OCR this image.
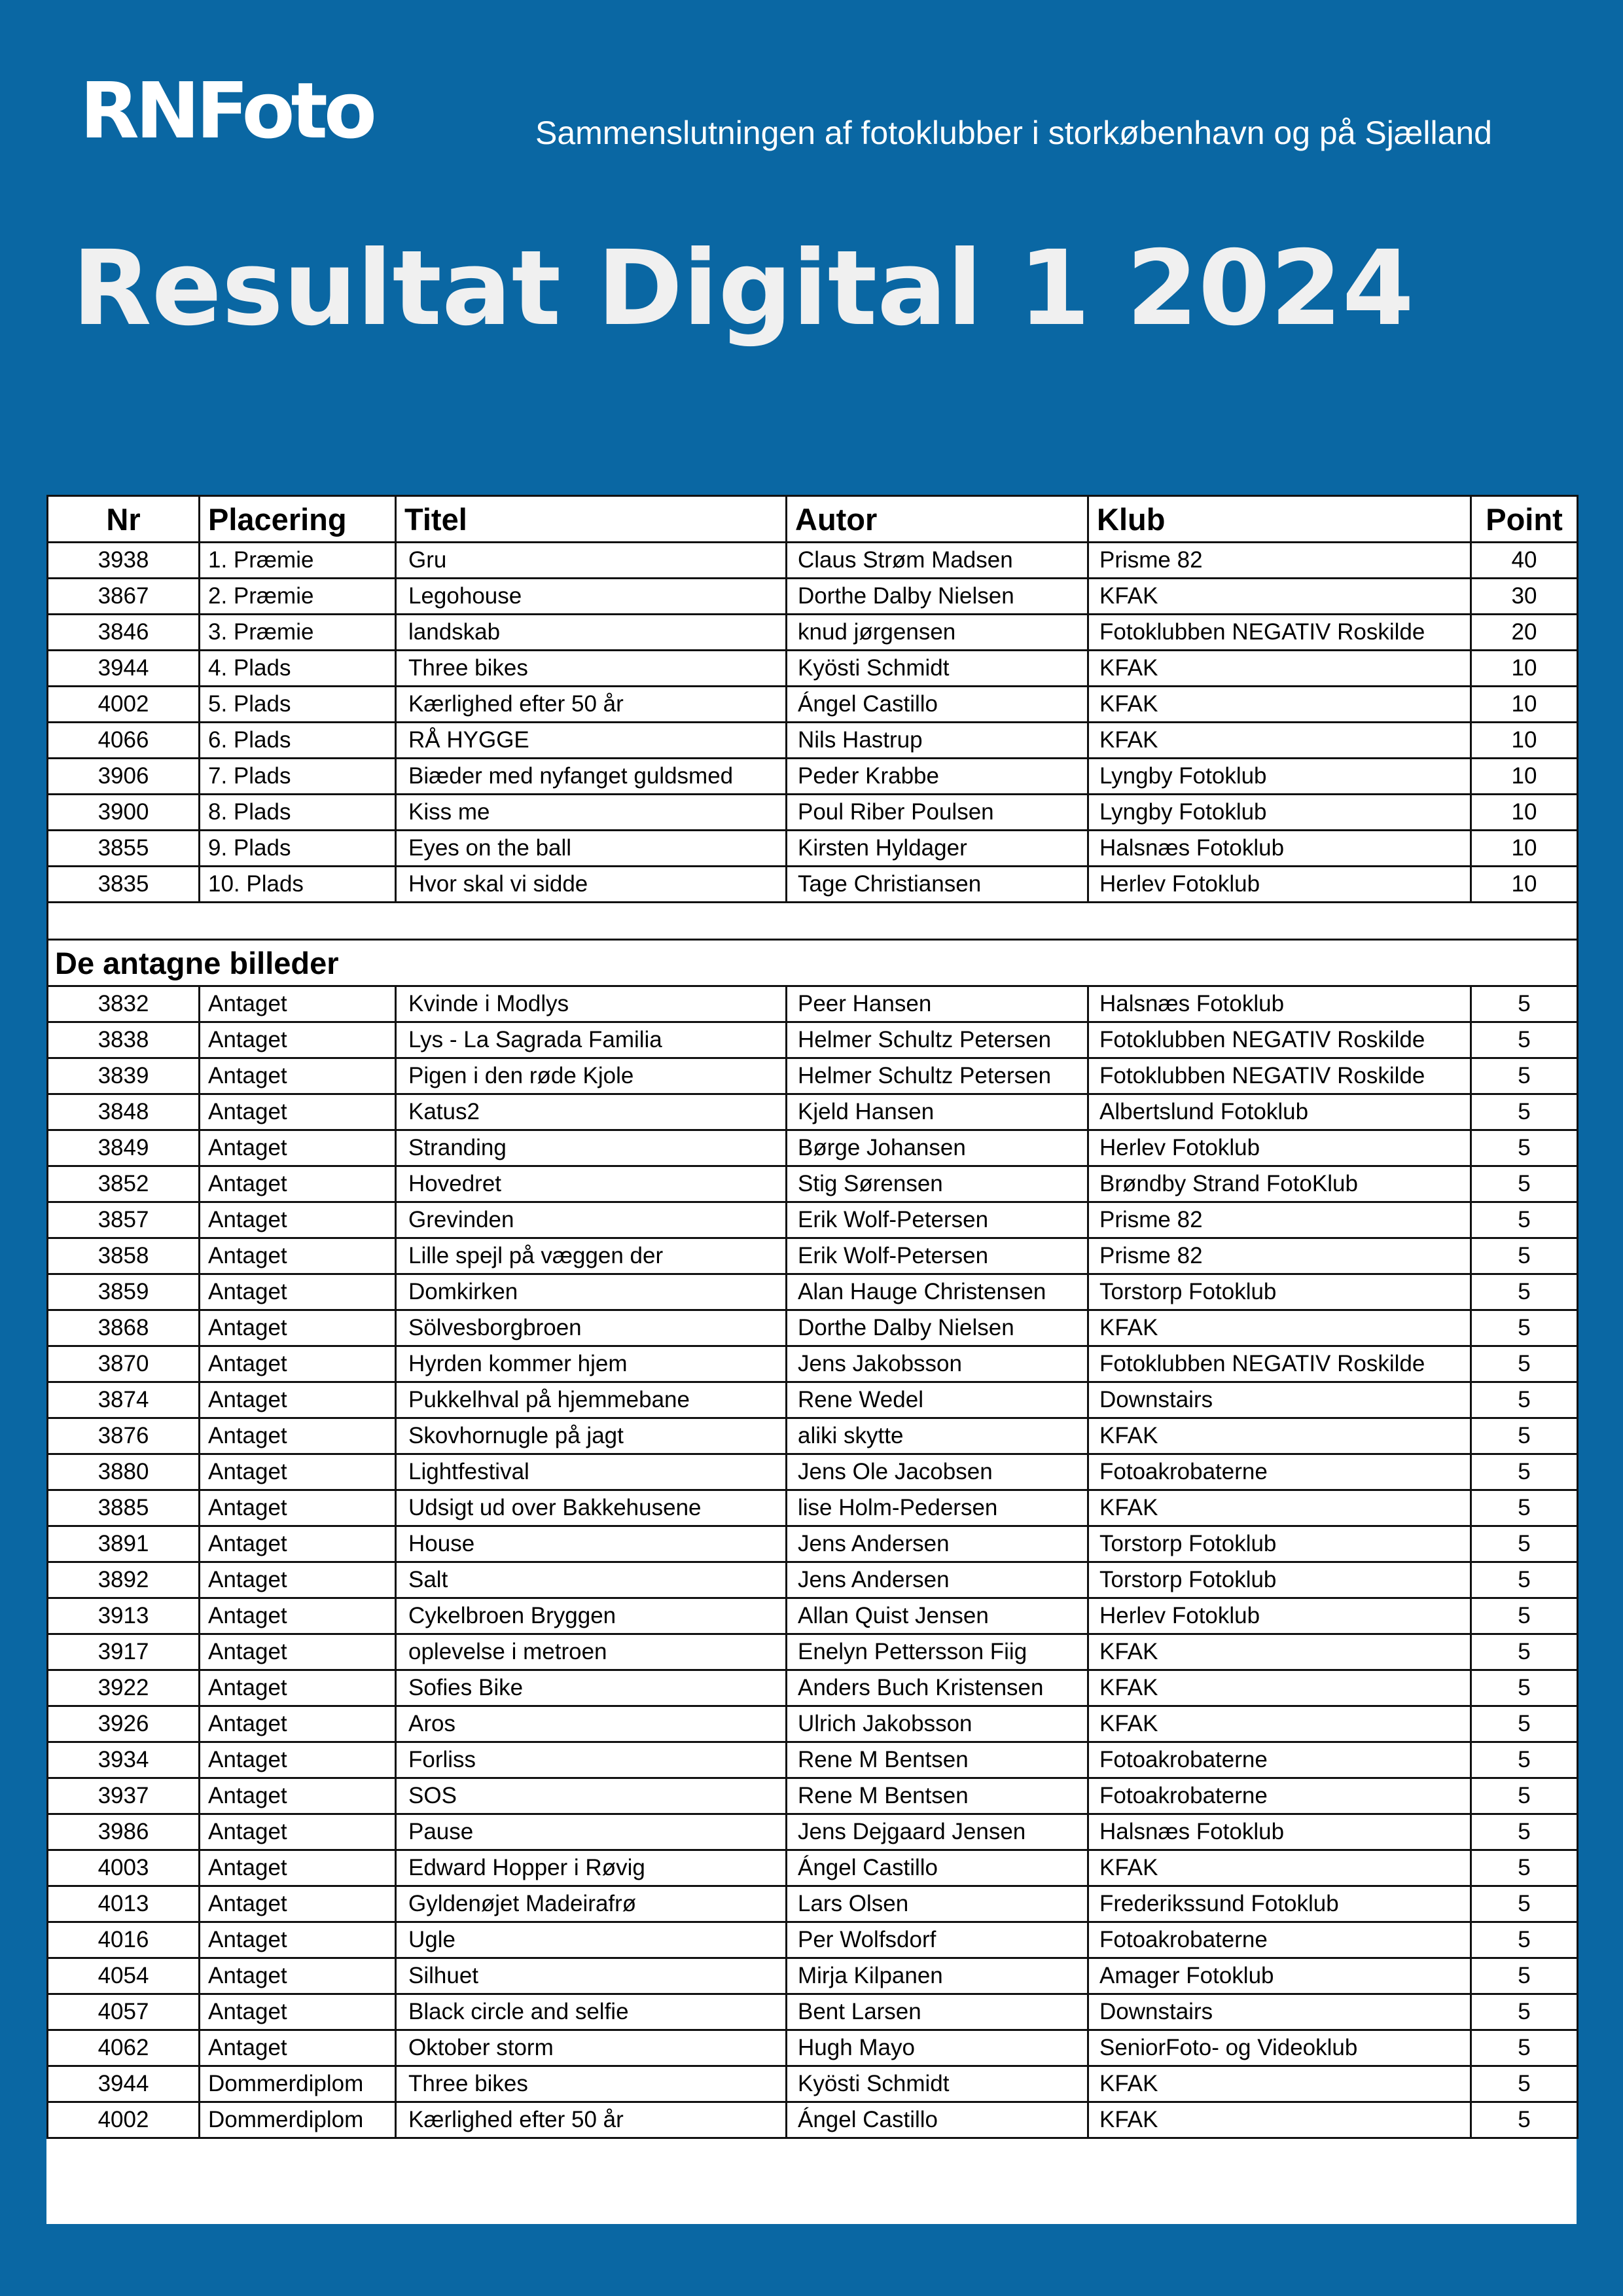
RNFoto	Sammenslutningen af fotoklubber i storkøbenhavn og på Sjælland
Resultat Digital 1 2024
Nr	Placering	Titel	Autor	Klub	Point
3938	1. Præmie	Gru	Claus Strøm Madsen	Prisme 82	40
3867	2. Præmie	Legohouse	Dorthe Dalby Nielsen	KFAK	30
3846	3. Præmie	landskab	knud jørgensen	Fotoklubben NEGATIV Roskilde	20
3944	4. Plads	Three bikes	Kyösti Schmidt	KFAK	10
4002	5. Plads	Kærlighed efter 50 år	Ángel Castillo	KFAK	10
4066	6. Plads	RÅ HYGGE	Nils Hastrup	KFAK	10
3906	7. Plads	Biæder med nyfanget guldsmed	Peder Krabbe	Lyngby Fotoklub	10
3900	8. Plads	Kiss me	Poul Riber Poulsen	Lyngby Fotoklub	10
3855	9. Plads	Eyes on the ball	Kirsten Hyldager	Halsnæs Fotoklub	10
3835	10. Plads	Hvor skal vi sidde	Tage Christiansen	Herlev Fotoklub	10

De antagne billeder					
3832	Antaget	Kvinde i Modlys	Peer Hansen	Halsnæs Fotoklub	5
3838	Antaget	Lys - La Sagrada Familia	Helmer Schultz Petersen	Fotoklubben NEGATIV Roskilde	5
3839	Antaget	Pigen i den røde Kjole	Helmer Schultz Petersen	Fotoklubben NEGATIV Roskilde	5
3848	Antaget	Katus2	Kjeld Hansen	Albertslund Fotoklub	5
3849	Antaget	Stranding	Børge Johansen	Herlev Fotoklub	5
3852	Antaget	Hovedret	Stig Sørensen	Brøndby Strand FotoKlub	5
3857	Antaget	Grevinden	Erik Wolf-Petersen	Prisme 82	5
3858	Antaget	Lille spejl på væggen der	Erik Wolf-Petersen	Prisme 82	5
3859	Antaget	Domkirken	Alan Hauge Christensen	Torstorp Fotoklub	5
3868	Antaget	Sölvesborgbroen	Dorthe Dalby Nielsen	KFAK	5
3870	Antaget	Hyrden kommer hjem	Jens Jakobsson	Fotoklubben NEGATIV Roskilde	5
3874	Antaget	Pukkelhval på hjemmebane	Rene Wedel	Downstairs	5
3876	Antaget	Skovhornugle på jagt	aliki skytte	KFAK	5
3880	Antaget	Lightfestival	Jens Ole Jacobsen	Fotoakrobaterne	5
3885	Antaget	Udsigt ud over Bakkehusene	lise Holm-Pedersen	KFAK	5
3891	Antaget	House	Jens Andersen	Torstorp Fotoklub	5
3892	Antaget	Salt	Jens Andersen	Torstorp Fotoklub	5
3913	Antaget	Cykelbroen Bryggen	Allan Quist Jensen	Herlev Fotoklub	5
3917	Antaget	oplevelse i metroen	Enelyn Pettersson Fiig	KFAK	5
3922	Antaget	Sofies Bike	Anders Buch Kristensen	KFAK	5
3926	Antaget	Aros	Ulrich Jakobsson	KFAK	5
3934	Antaget	Forliss	Rene M Bentsen	Fotoakrobaterne	5
3937	Antaget	SOS	Rene M Bentsen	Fotoakrobaterne	5
3986	Antaget	Pause	Jens Dejgaard Jensen	Halsnæs Fotoklub	5
4003	Antaget	Edward Hopper i Røvig	Ángel Castillo	KFAK	5
4013	Antaget	Gyldenøjet Madeirafrø	Lars Olsen	Frederikssund Fotoklub	5
4016	Antaget	Ugle	Per Wolfsdorf	Fotoakrobaterne	5
4054	Antaget	Silhuet	Mirja Kilpanen	Amager Fotoklub	5
4057	Antaget	Black circle and selfie	Bent Larsen	Downstairs	5
4062	Antaget	Oktober storm	Hugh Mayo	SeniorFoto- og Videoklub	5
3944	Dommerdiplom	Three bikes	Kyösti Schmidt	KFAK	5
4002	Dommerdiplom	Kærlighed efter 50 år	Ángel Castillo	KFAK	5
